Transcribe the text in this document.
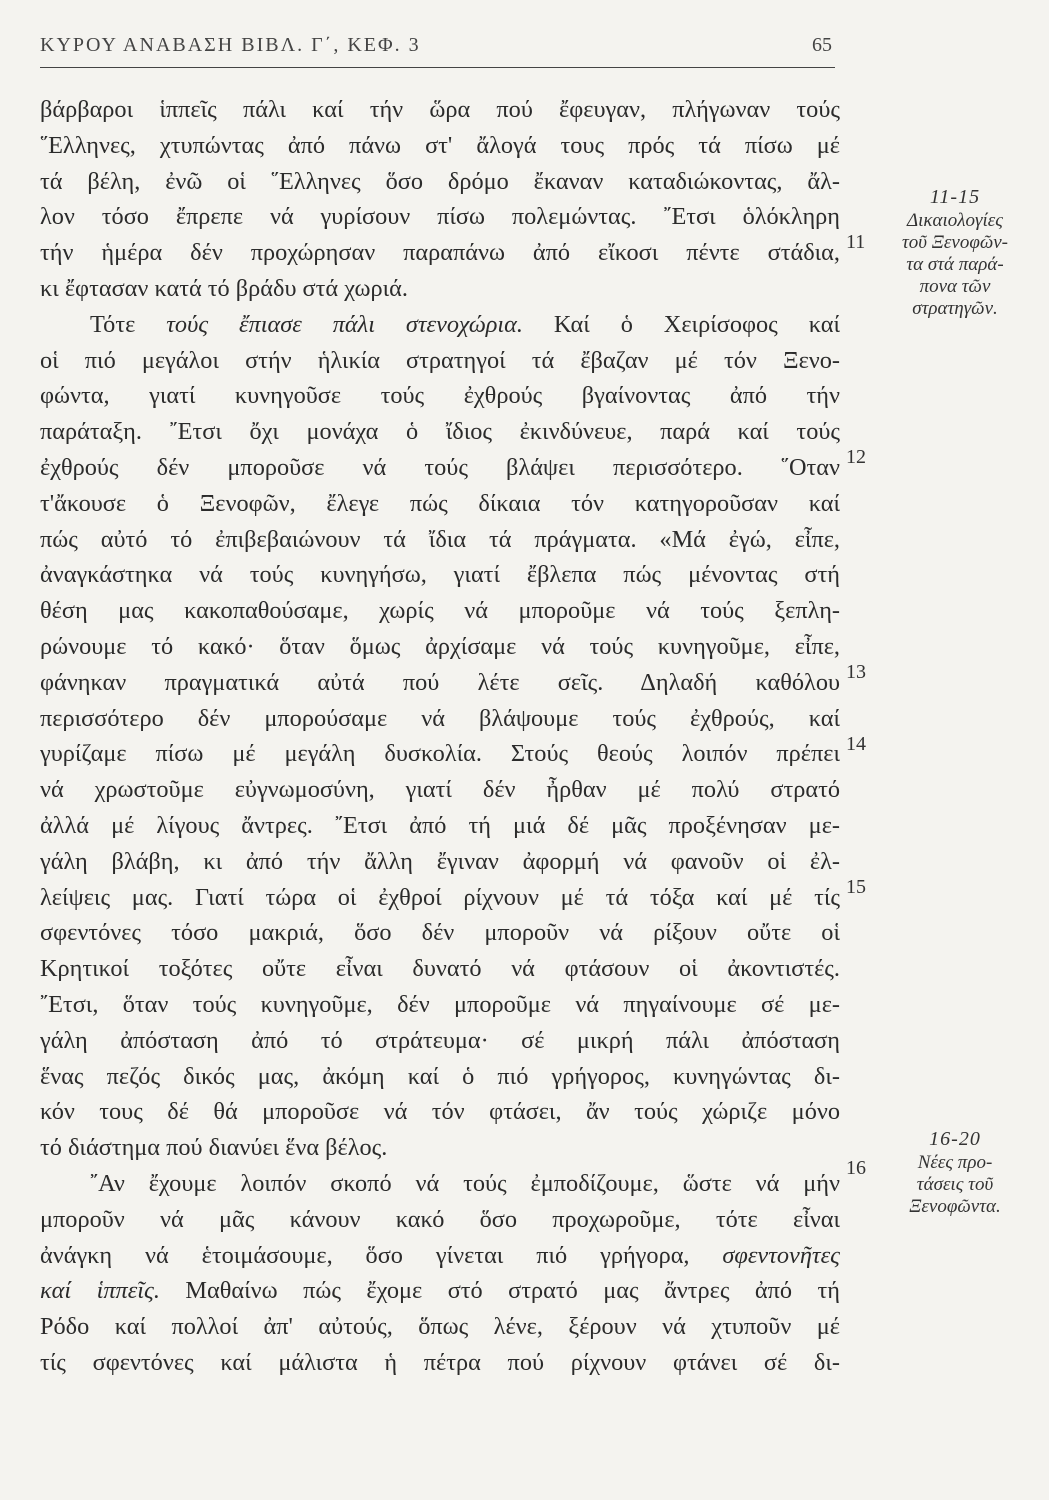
ΚΥΡΟΥ ΑΝΑΒΑΣΗ ΒΙΒΛ. Γ΄, ΚΕΦ. 3	65
βάρβαροι ἱππεῖς πάλι καί τήν ὥρα πού ἔφευγαν, πλήγωναν τούς
῞Ελληνες, χτυπώντας ἀπό πάνω στ' ἄλογά τους πρός τά πίσω μέ
τά βέλη, ἐνῶ οἱ ῞Ελληνες ὅσο δρόμο ἔκαναν καταδιώκοντας, ἄλ-
λον τόσο ἔπρεπε νά γυρίσουν πίσω πολεμώντας. ῎Ετσι ὁλόκληρη
τήν ἡμέρα δέν προχώρησαν παραπάνω ἀπό εἴκοσι πέντε στάδια,
κι ἔφτασαν κατά τό βράδυ στά χωριά.
Τότε τούς ἔπιασε πάλι στενοχώρια. Καί ὁ Χειρίσοφος καί
οἱ πιό μεγάλοι στήν ἡλικία στρατηγοί τά ἔβαζαν μέ τόν Ξενο-
φώντα, γιατί κυνηγοῦσε τούς ἐχθρούς βγαίνοντας ἀπό τήν
παράταξη. ῎Ετσι ὄχι μονάχα ὁ ἴδιος ἐκινδύνευε, παρά καί τούς
ἐχθρούς δέν μποροῦσε νά τούς βλάψει περισσότερο. ῞Οταν
τ'ἄκουσε ὁ Ξενοφῶν, ἔλεγε πώς δίκαια τόν κατηγοροῦσαν καί
πώς αὐτό τό ἐπιβεβαιώνουν τά ἴδια τά πράγματα. «Μά ἐγώ, εἶπε,
ἀναγκάστηκα νά τούς κυνηγήσω, γιατί ἔβλεπα πώς μένοντας στή
θέση μας κακοπαθούσαμε, χωρίς νά μποροῦμε νά τούς ξεπλη-
ρώνουμε τό κακό· ὅταν ὅμως ἀρχίσαμε νά τούς κυνηγοῦμε, εἶπε,
φάνηκαν πραγματικά αὐτά πού λέτε σεῖς. Δηλαδή καθόλου
περισσότερο δέν μπορούσαμε νά βλάψουμε τούς ἐχθρούς, καί
γυρίζαμε πίσω μέ μεγάλη δυσκολία. Στούς θεούς λοιπόν πρέπει
νά χρωστοῦμε εὐγνωμοσύνη, γιατί δέν ἦρθαν μέ πολύ στρατό
ἀλλά μέ λίγους ἄντρες. ῎Ετσι ἀπό τή μιά δέ μᾶς προξένησαν με-
γάλη βλάβη, κι ἀπό τήν ἄλλη ἔγιναν ἀφορμή νά φανοῦν οἱ ἐλ-
λείψεις μας. Γιατί τώρα οἱ ἐχθροί ρίχνουν μέ τά τόξα καί μέ τίς
σφεντόνες τόσο μακριά, ὅσο δέν μποροῦν νά ρίξουν οὔτε οἱ
Κρητικοί τοξότες οὔτε εἶναι δυνατό νά φτάσουν οἱ ἀκοντιστές.
῎Ετσι, ὅταν τούς κυνηγοῦμε, δέν μποροῦμε νά πηγαίνουμε σέ με-
γάλη ἀπόσταση ἀπό τό στράτευμα· σέ μικρή πάλι ἀπόσταση
ἕνας πεζός δικός μας, ἀκόμη καί ὁ πιό γρήγορος, κυνηγώντας δι-
κόν τους δέ θά μποροῦσε νά τόν φτάσει, ἄν τούς χώριζε μόνο
τό διάστημα πού διανύει ἕνα βέλος.
῎Αν ἔχουμε λοιπόν σκοπό νά τούς ἐμποδίζουμε, ὥστε νά μήν
μποροῦν νά μᾶς κάνουν κακό ὅσο προχωροῦμε, τότε εἶναι
ἀνάγκη νά ἑτοιμάσουμε, ὅσο γίνεται πιό γρήγορα, σφεντονῆτες
καί ἱππεῖς. Μαθαίνω πώς ἔχομε στό στρατό μας ἄντρες ἀπό τή
Ρόδο καί πολλοί ἀπ' αὐτούς, ὅπως λένε, ξέρουν νά χτυποῦν μέ
τίς σφεντόνες καί μάλιστα ἡ πέτρα πού ρίχνουν φτάνει σέ δι-
11
12
13
14
15
16
11-15
Δικαιολογίες
τοῦ Ξενοφῶν-
τα στά παρά-
πονα τῶν
στρατηγῶν.
16-20
Νέες προ-
τάσεις τοῦ
Ξενοφῶντα.
